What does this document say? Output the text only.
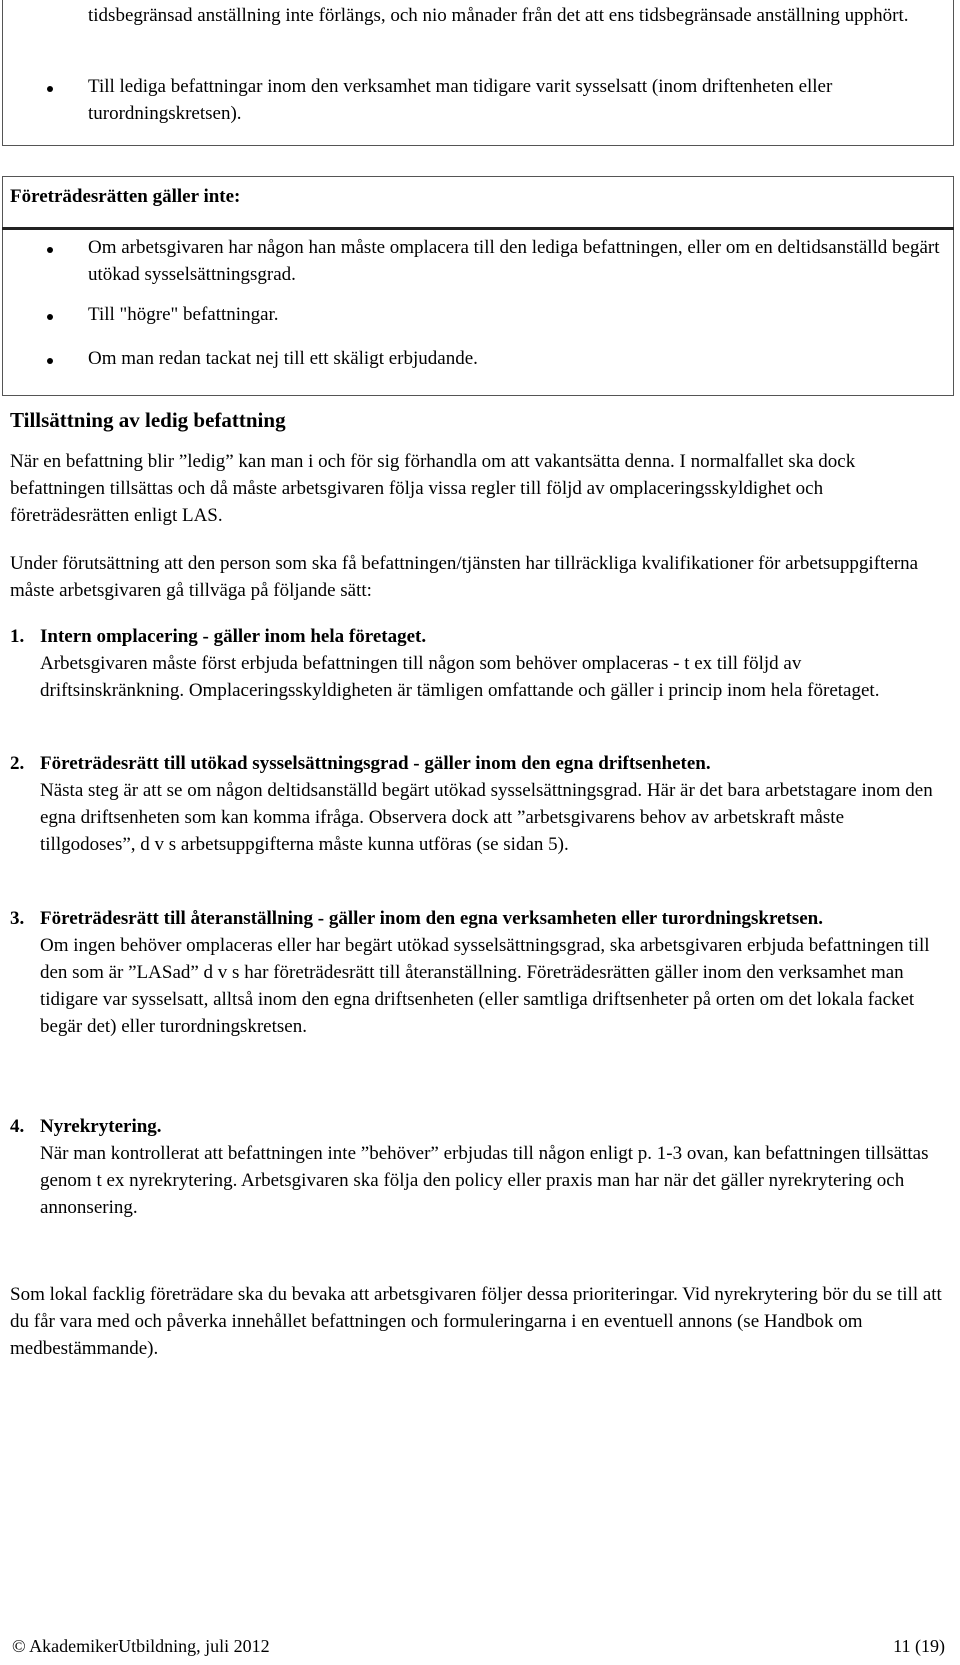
tidsbegränsad anställning inte förlängs, och nio månader från det att ens tidsbegränsade anställning upphört.
Till lediga befattningar inom den verksamhet man tidigare varit sysselsatt (inom driftenheten eller turordningskretsen).
Företrädesrätten gäller inte:
Om arbetsgivaren har någon han måste omplacera till den lediga befattningen, eller om en deltidsanställd begärt utökad sysselsättningsgrad.
Till "högre" befattningar.
Om man redan tackat nej till ett skäligt erbjudande.
Tillsättning av ledig befattning
När en befattning blir ”ledig” kan man i och för sig förhandla om att vakantsätta denna. I normalfallet ska dock befattningen tillsättas och då måste arbetsgivaren följa vissa regler till följd av omplaceringsskyldighet och företrädesrätten enligt LAS.
Under förutsättning att den person som ska få befattningen/tjänsten har tillräckliga kvalifikationer för arbetsuppgifterna måste arbetsgivaren gå tillväga på följande sätt:
1. Intern omplacering - gäller inom hela företaget.
Arbetsgivaren måste först erbjuda befattningen till någon som behöver omplaceras - t ex till följd av driftsinskränkning. Omplaceringsskyldigheten är tämligen omfattande och gäller i princip inom hela företaget.
2. Företrädesrätt till utökad sysselsättningsgrad - gäller inom den egna driftsenheten.
Nästa steg är att se om någon deltidsanställd begärt utökad sysselsättningsgrad. Här är det bara arbetstagare inom den egna driftsenheten som kan komma ifråga. Observera dock att ”arbetsgivarens behov av arbetskraft måste tillgodoses”, d v s arbetsuppgifterna måste kunna utföras (se sidan 5).
3. Företrädesrätt till återanställning - gäller inom den egna verksamheten eller turordningskretsen.
Om ingen behöver omplaceras eller har begärt utökad sysselsättningsgrad, ska arbetsgivaren erbjuda befattningen till den som är ”LASad” d v s har företrädesrätt till återanställning. Företrädesrätten gäller inom den verksamhet man tidigare var sysselsatt, alltså inom den egna driftsenheten (eller samtliga driftsenheter på orten om det lokala facket begär det) eller turordningskretsen.
4. Nyrekrytering.
När man kontrollerat att befattningen inte ”behöver” erbjudas till någon enligt p. 1-3 ovan, kan befattningen tillsättas genom t ex nyrekrytering. Arbetsgivaren ska följa den policy eller praxis man har när det gäller nyrekrytering och annonsering.
Som lokal facklig företrädare ska du bevaka att arbetsgivaren följer dessa prioriteringar. Vid nyrekrytering bör du se till att du får vara med och påverka innehållet befattningen och formuleringarna i en eventuell annons (se Handbok om medbestämmande).
© AkademikerUtbildning, juli 2012	11 (19)
